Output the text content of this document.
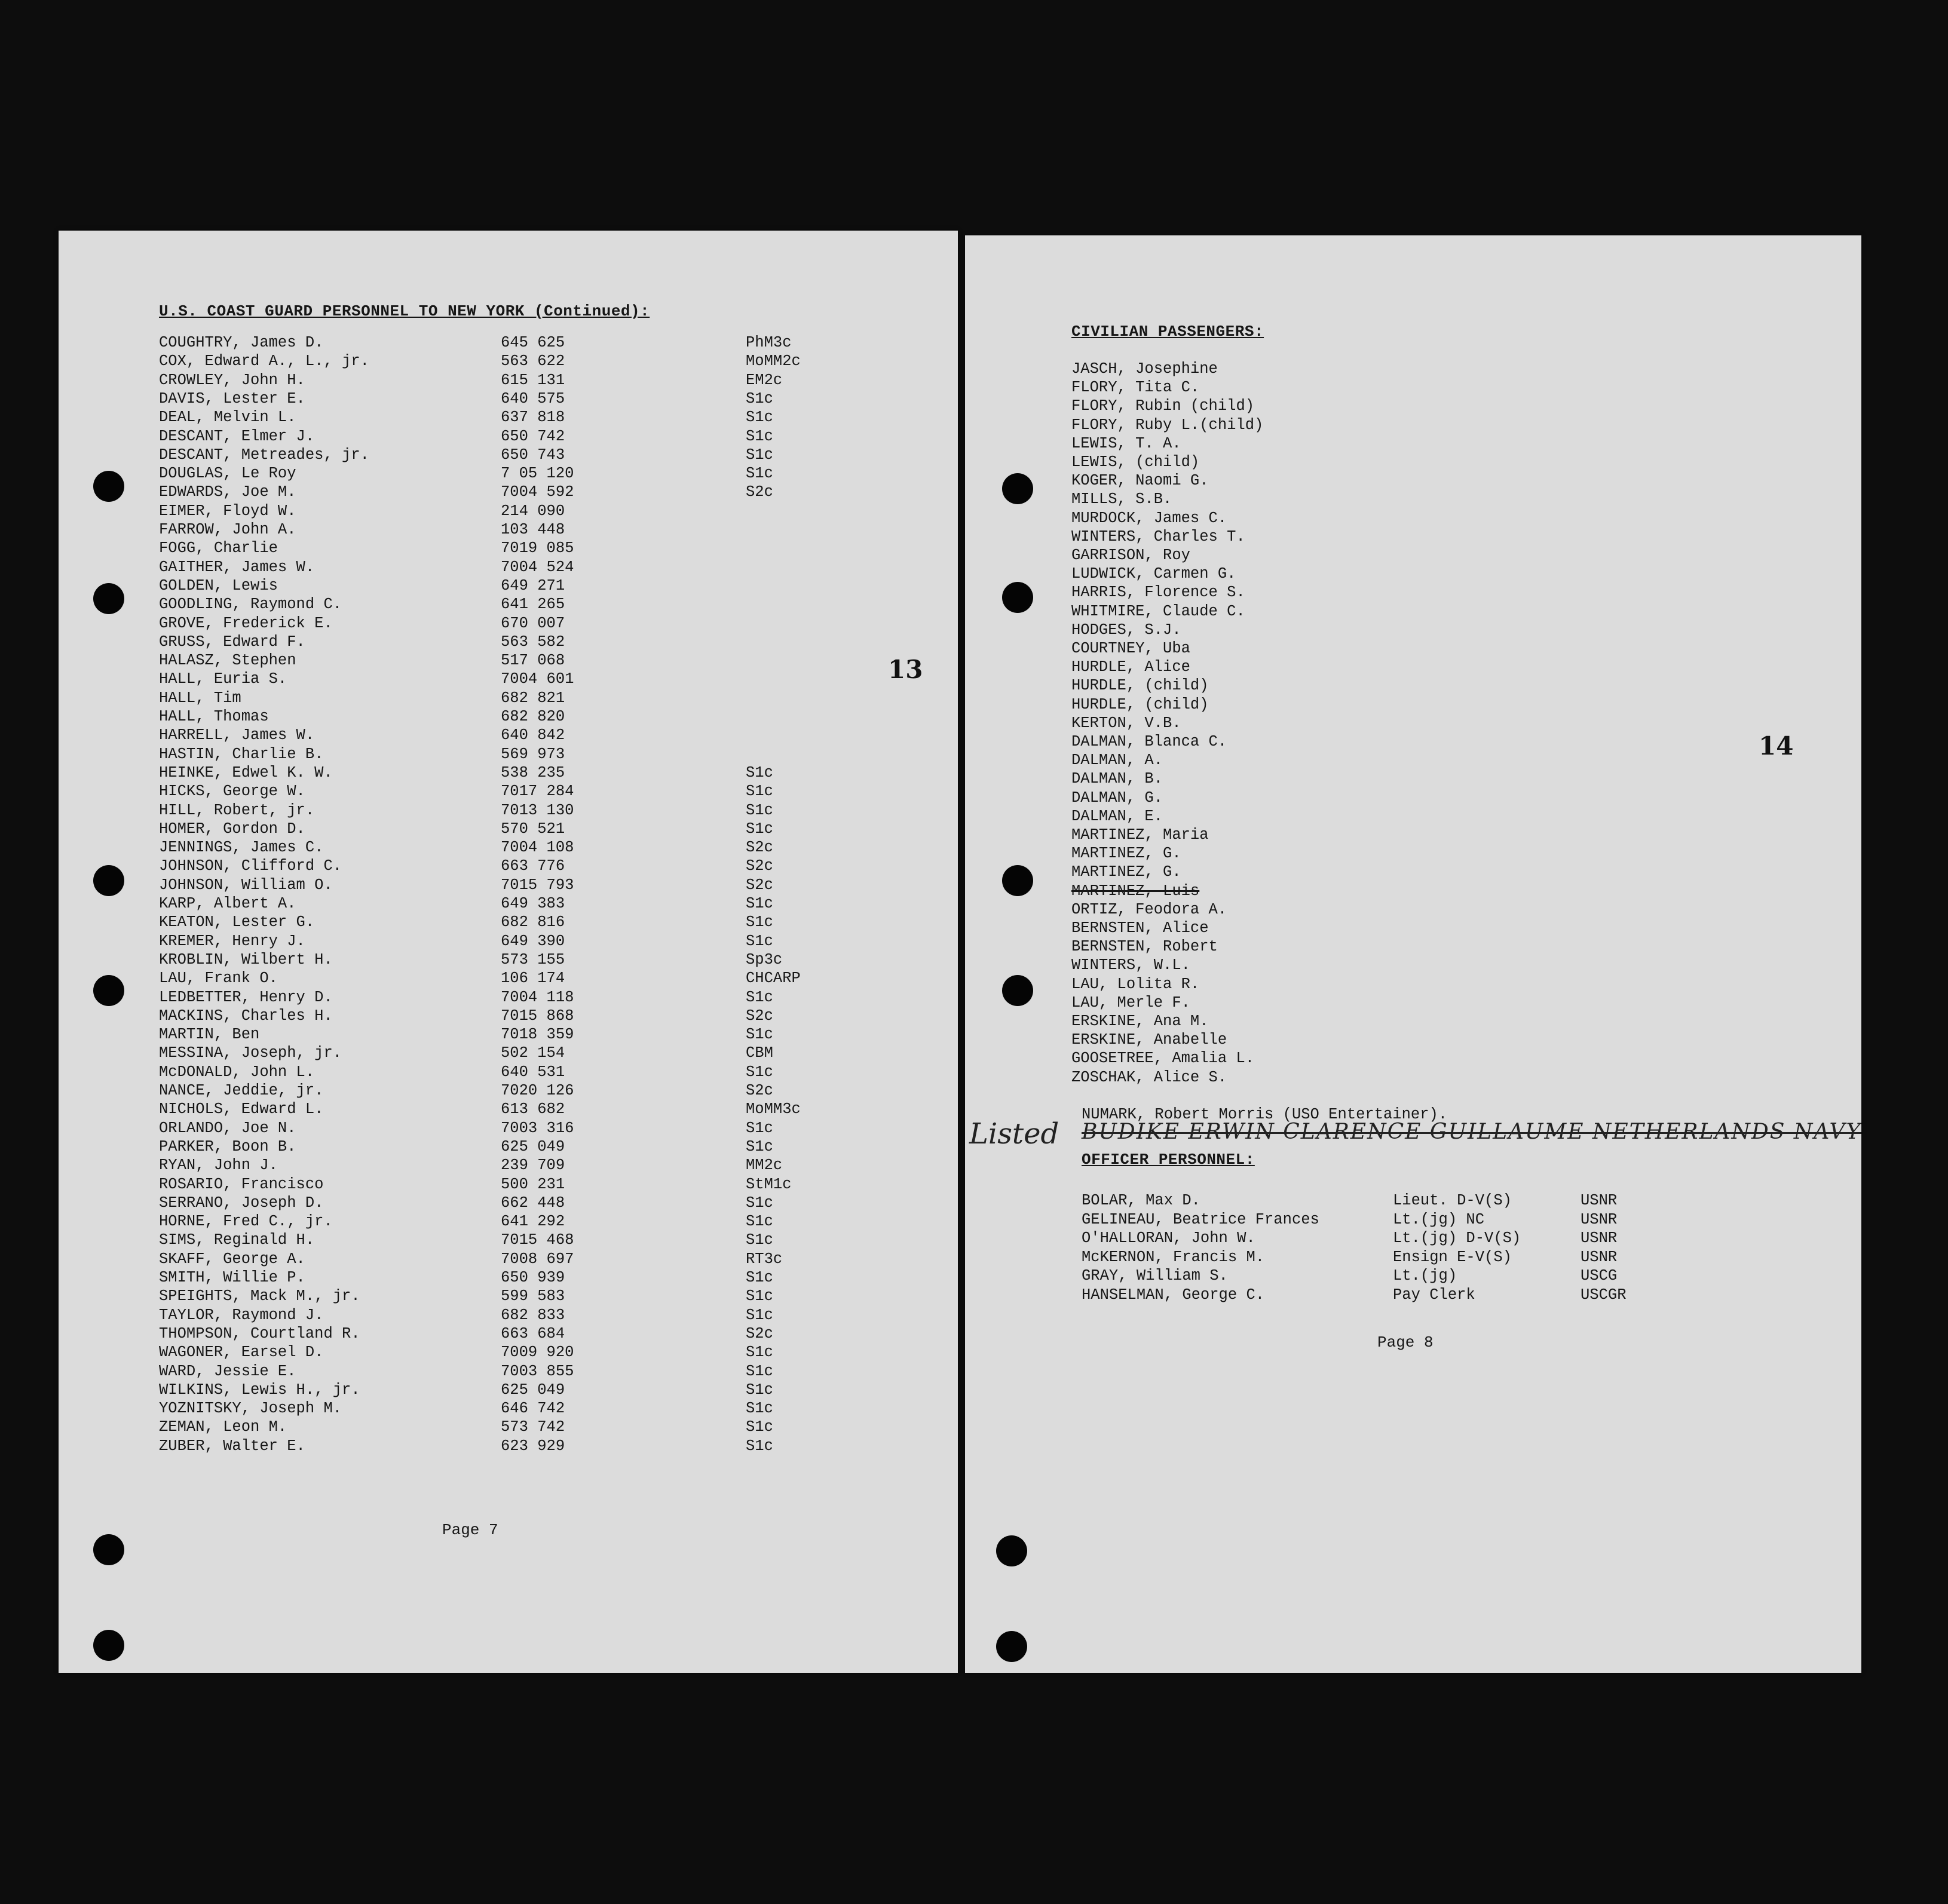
U.S. COAST GUARD PERSONNEL TO NEW YORK (Continued):
COUGHTRY, James D.	645 625	PhM3c
COX, Edward A., L., jr.	563 622	MoMM2c
CROWLEY, John H.	615 131	EM2c
DAVIS, Lester E.	640 575	S1c
DEAL, Melvin L.	637 818	S1c
DESCANT, Elmer J.	650 742	S1c
DESCANT, Metreades, jr.	650 743	S1c
DOUGLAS, Le Roy	7 05 120	S1c
EDWARDS, Joe M.	7004 592	S2c
EIMER, Floyd W.	214 090
FARROW, John A.	103 448
FOGG, Charlie	7019 085
GAITHER, James W.	7004 524
GOLDEN, Lewis	649 271
GOODLING, Raymond C.	641 265
GROVE, Frederick E.	670 007
GRUSS, Edward F.	563 582
HALASZ, Stephen	517 068
HALL, Euria S.	7004 601
HALL, Tim	682 821
HALL, Thomas	682 820
HARRELL, James W.	640 842
HASTIN, Charlie B.	569 973
HEINKE, Edwel K. W.	538 235	S1c
HICKS, George W.	7017 284	S1c
HILL, Robert, jr.	7013 130	S1c
HOMER, Gordon D.	570 521	S1c
JENNINGS, James C.	7004 108	S2c
JOHNSON, Clifford C.	663 776	S2c
JOHNSON, William O.	7015 793	S2c
KARP, Albert A.	649 383	S1c
KEATON, Lester G.	682 816	S1c
KREMER, Henry J.	649 390	S1c
KROBLIN, Wilbert H.	573 155	Sp3c
LAU, Frank O.	106 174	CHCARP
LEDBETTER, Henry D.	7004 118	S1c
MACKINS, Charles H.	7015 868	S2c
MARTIN, Ben	7018 359	S1c
MESSINA, Joseph, jr.	502 154	CBM
McDONALD, John L.	640 531	S1c
NANCE, Jeddie, jr.	7020 126	S2c
NICHOLS, Edward L.	613 682	MoMM3c
ORLANDO, Joe N.	7003 316	S1c
PARKER, Boon B.	625 049	S1c
RYAN, John J.	239 709	MM2c
ROSARIO, Francisco	500 231	StM1c
SERRANO, Joseph D.	662 448	S1c
HORNE, Fred C., jr.	641 292	S1c
SIMS, Reginald H.	7015 468	S1c
SKAFF, George A.	7008 697	RT3c
SMITH, Willie P.	650 939	S1c
SPEIGHTS, Mack M., jr.	599 583	S1c
TAYLOR, Raymond J.	682 833	S1c
THOMPSON, Courtland R.	663 684	S2c
WAGONER, Earsel D.	7009 920	S1c
WARD, Jessie E.	7003 855	S1c
WILKINS, Lewis H., jr.	625 049	S1c
YOZNITSKY, Joseph M.	646 742	S1c
ZEMAN, Leon M.	573 742	S1c
ZUBER, Walter E.	623 929	S1c
13
Page 7
CIVILIAN PASSENGERS:
JASCH, Josephine
FLORY, Tita C.
FLORY, Rubin (child)
FLORY, Ruby L.(child)
LEWIS, T. A.
LEWIS, (child)
KOGER, Naomi G.
MILLS, S.B.
MURDOCK, James C.
WINTERS, Charles T.
GARRISON, Roy
LUDWICK, Carmen G.
HARRIS, Florence S.
WHITMIRE, Claude C.
HODGES, S.J.
COURTNEY, Uba
HURDLE, Alice
HURDLE, (child)
HURDLE, (child)
KERTON, V.B.
DALMAN, Blanca C.
DALMAN, A.
DALMAN, B.
DALMAN, G.
DALMAN, E.
MARTINEZ, Maria
MARTINEZ, G.
MARTINEZ, G.
MARTINEZ, Luis
ORTIZ, Feodora A.
BERNSTEN, Alice
BERNSTEN, Robert
WINTERS, W.L.
LAU, Lolita R.
LAU, Merle F.
ERSKINE, Ana M.
ERSKINE, Anabelle
GOOSETREE, Amalia L.
ZOSCHAK, Alice S.
14
NUMARK, Robert Morris (USO Entertainer).
BUDIKE ERWIN CLARENCE GUILLAUME NETHERLANDS NAVY
OFFICER PERSONNEL:
BOLAR, Max D.	Lieut. D-V(S)	USNR
GELINEAU, Beatrice Frances	Lt.(jg) NC	USNR
O'HALLORAN, John W.	Lt.(jg) D-V(S)	USNR
McKERNON, Francis M.	Ensign E-V(S)	USNR
GRAY, William S.	Lt.(jg)	USCG
HANSELMAN, George C.	Pay Clerk	USCGR
Page 8
Listed
